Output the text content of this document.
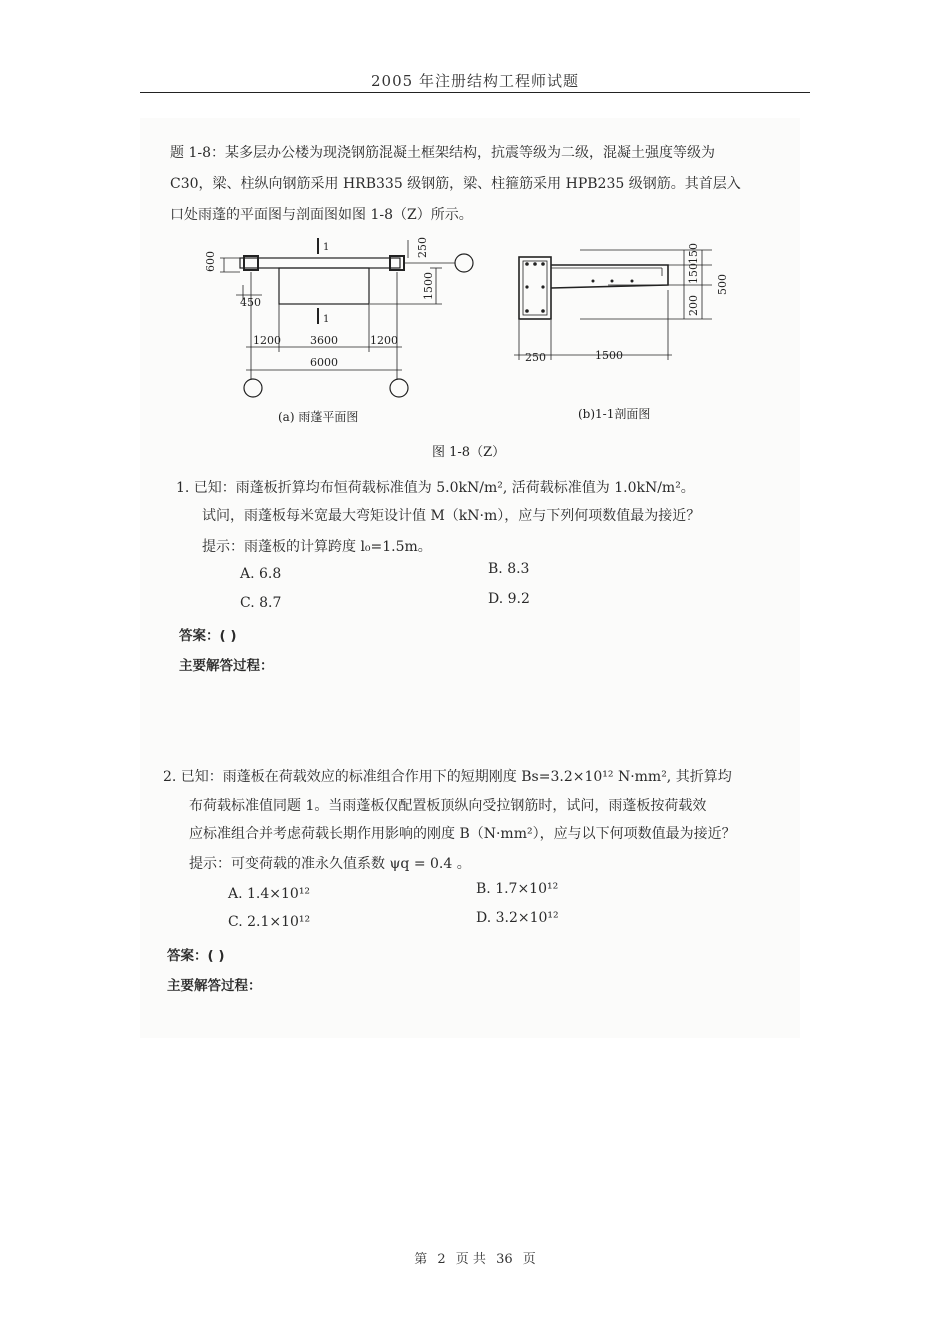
2005 年注册结构工程师试题
题 1-8：某多层办公楼为现浇钢筋混凝土框架结构，抗震等级为二级，混凝土强度等级为
C30，梁、柱纵向钢筋采用 HRB335 级钢筋，梁、柱箍筋采用 HPB235 级钢筋。其首层入
口处雨蓬的平面图与剖面图如图 1-8（Z）所示。
600
450
250
1500
1
1
1200	3600	1200
6000
(a) 雨蓬平面图
150
150
200
500
250	1500
(b)1-1剖面图
图 1-8（Z）
1. 已知：雨蓬板折算均布恒荷载标准值为 5.0kN/m², 活荷载标准值为 1.0kN/m²。
试问，雨蓬板每米宽最大弯矩设计值 M（kN·m），应与下列何项数值最为接近？
提示：雨蓬板的计算跨度 l₀=1.5m。
A. 6.8	B. 8.3
C. 8.7	D. 9.2
答案：( )
主要解答过程：
2. 已知：雨蓬板在荷载效应的标准组合作用下的短期刚度 Bs=3.2×10¹² N·mm², 其折算均
布荷载标准值同题 1。当雨蓬板仅配置板顶纵向受拉钢筋时，试问，雨蓬板按荷载效
应标准组合并考虑荷载长期作用影响的刚度 B（N·mm²），应与以下何项数值最为接近？
提示：可变荷载的准永久值系数 ψq = 0.4 。
A. 1.4×10¹²	B. 1.7×10¹²
C. 2.1×10¹²	D. 3.2×10¹²
答案：( )
主要解答过程：
第 2 页 共 36 页
